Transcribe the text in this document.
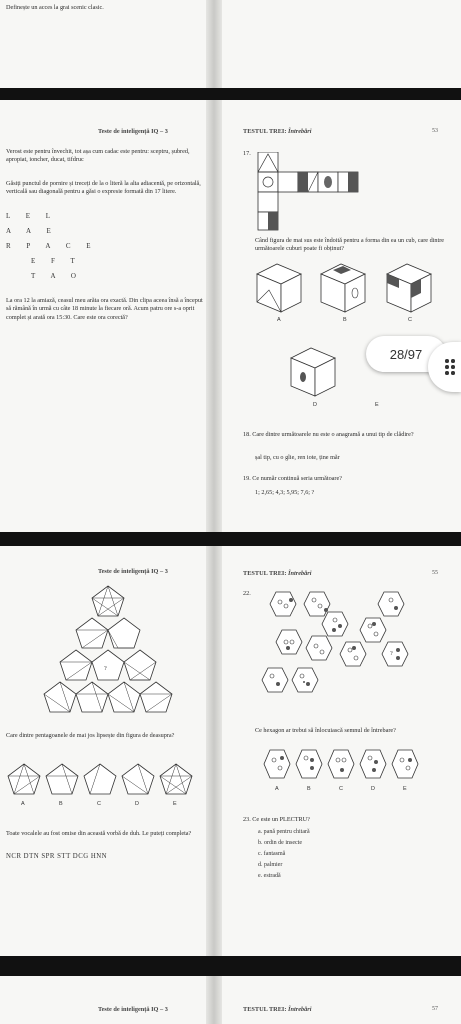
Definește un acces la grai scenic clasic.
Teste de inteligență IQ – 3
Verost este pentru învechit, tot așa cum cadac este pentru: sceptru, șubred, apropiat, ioncher, ducat, tifdruc
Găsiți punctul de pornire și treceți de la o literă la alta adiacentă, pe orizontală, verticală sau diagonală pentru a găsi o expresie formată din 17 litere.
L E L
A A E
R P A C E
E F T
T A O
La ora 12 la amiază, ceasul meu arăta ora exactă. Din clipa aceea însă a început să rămână în urmă cu câte 18 minute la fiecare oră. Acum patru ore s-a oprit complet și arată ora 15:30. Care este ora corectă?
TESTUL TREI: Întrebări	53
17.
Când figura de mai sus este îndoită pentru a forma din ea un cub, care dintre următoarele cuburi poate fi obținut?
A	B	C
D	E
18. Care dintre următoarele nu este o anagramă a unui tip de clădire?
șal tip, cu o glie, ren iote, ține măr
19. Ce număr continuă seria următoare?
1; 2,65; 4,3; 5,95; 7,6; ?
28/97
Teste de inteligență IQ – 3
?
Care dintre pentagoanele de mai jos lipsește din figura de deasupra?
A	B	C	D	E
Toate vocalele au fost omise din această vorbă de duh. Le puteți completa?
NCR DTN SPR STT DCG HNN
TESTUL TREI: Întrebări	55
22.
?
Ce hexagon ar trebui să înlocuiască semnul de întrebare?
A	B	C	D	E
23. Ce este un PLECTRU?
a. pană pentru chitară
b. ordin de insecte
c. fantasmă
d. palmier
e. estradă
Teste de inteligență IQ – 3	TESTUL TREI: Întrebări	57
